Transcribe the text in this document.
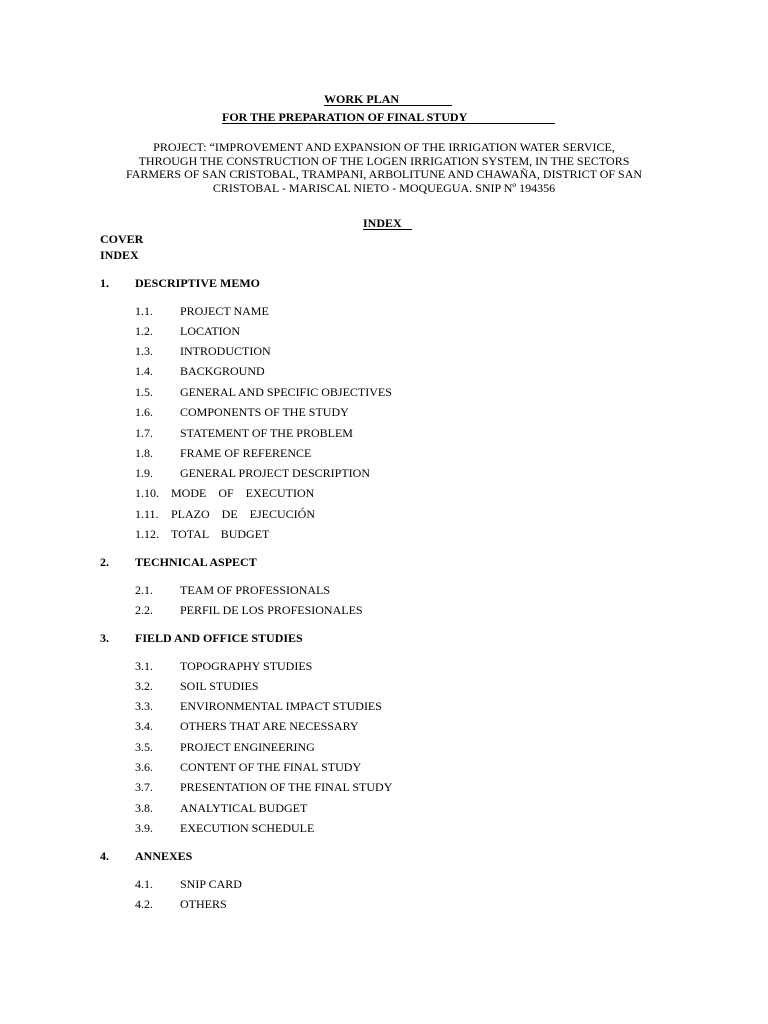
WORK PLAN
FOR THE PREPARATION OF FINAL STUDY
PROJECT: “IMPROVEMENT AND EXPANSION OF THE IRRIGATION WATER SERVICE,
THROUGH THE CONSTRUCTION OF THE LOGEN IRRIGATION SYSTEM, IN THE SECTORS
FARMERS OF SAN CRISTOBAL, TRAMPANI, ARBOLITUNE AND CHAWAÑA, DISTRICT OF SAN
CRISTOBAL - MARISCAL NIETO - MOQUEGUA. SNIP Nº 194356
INDEX
COVER
INDEX
1. DESCRIPTIVE MEMO
1.1. PROJECT NAME
1.2. LOCATION
1.3. INTRODUCTION
1.4. BACKGROUND
1.5. GENERAL AND SPECIFIC OBJECTIVES
1.6. COMPONENTS OF THE STUDY
1.7. STATEMENT OF THE PROBLEM
1.8. FRAME OF REFERENCE
1.9. GENERAL PROJECT DESCRIPTION
1.10. MODE OF EXECUTION
1.11. PLAZO DE EJECUCIÓN
1.12. TOTAL BUDGET
2. TECHNICAL ASPECT
2.1. TEAM OF PROFESSIONALS
2.2. PERFIL DE LOS PROFESIONALES
3. FIELD AND OFFICE STUDIES
3.1. TOPOGRAPHY STUDIES
3.2. SOIL STUDIES
3.3. ENVIRONMENTAL IMPACT STUDIES
3.4. OTHERS THAT ARE NECESSARY
3.5. PROJECT ENGINEERING
3.6. CONTENT OF THE FINAL STUDY
3.7. PRESENTATION OF THE FINAL STUDY
3.8. ANALYTICAL BUDGET
3.9. EXECUTION SCHEDULE
4. ANNEXES
4.1. SNIP CARD
4.2. OTHERS
